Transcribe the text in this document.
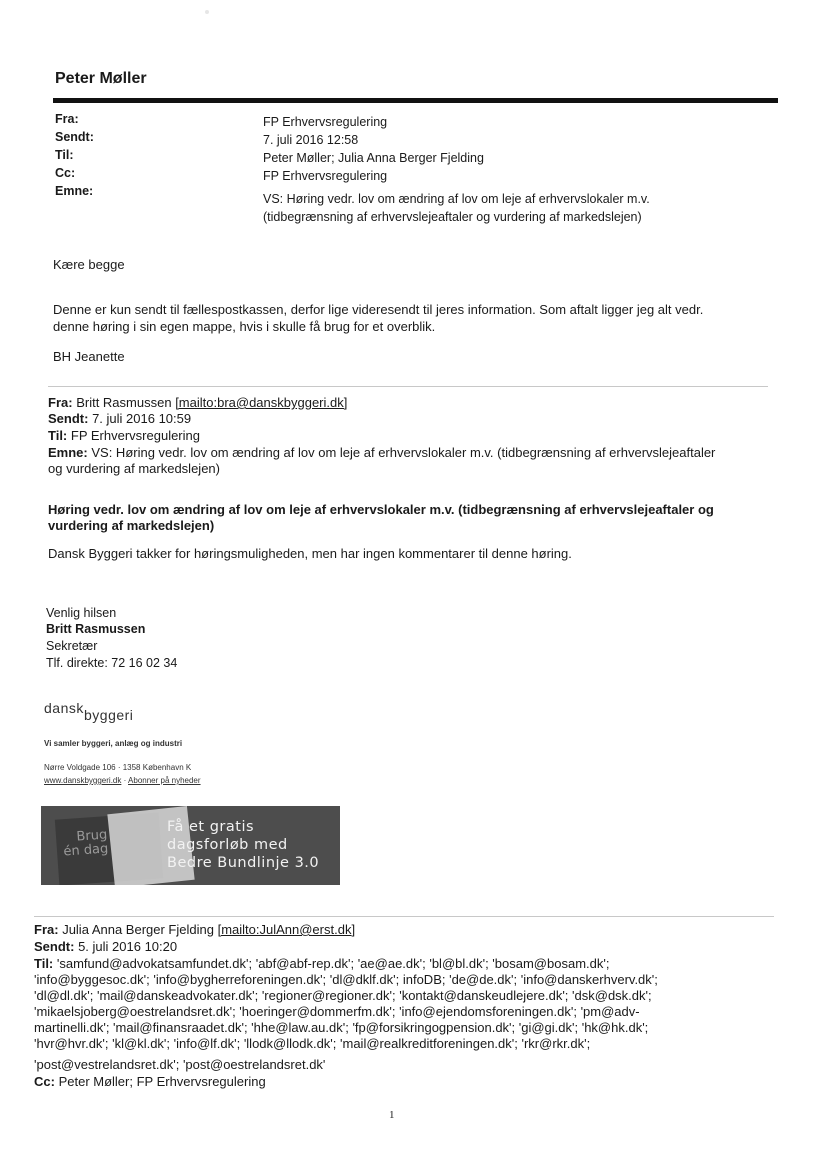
Peter Møller
Fra:
Sendt:
Til:
Cc:
Emne:
FP Erhvervsregulering
7. juli 2016 12:58
Peter Møller; Julia Anna Berger Fjelding
FP Erhvervsregulering
VS: Høring vedr. lov om ændring af lov om leje af erhvervslokaler m.v.
(tidbegrænsning af erhvervslejeaftaler og vurdering af markedslejen)
Kære begge
Denne er kun sendt til fællespostkassen, derfor lige videresendt til jeres information. Som aftalt ligger jeg alt vedr.
denne høring i sin egen mappe, hvis i skulle få brug for et overblik.
BH Jeanette
Fra: Britt Rasmussen [mailto:bra@danskbyggeri.dk]
Sendt: 7. juli 2016 10:59
Til: FP Erhvervsregulering
Emne: VS: Høring vedr. lov om ændring af lov om leje af erhvervslokaler m.v. (tidbegrænsning af erhvervslejeaftaler
og vurdering af markedslejen)
Høring vedr. lov om ændring af lov om leje af erhvervslokaler m.v. (tidbegrænsning af erhvervslejeaftaler og
vurdering af markedslejen)
Dansk Byggeri takker for høringsmuligheden, men har ingen kommentarer til denne høring.
Venlig hilsen
Britt Rasmussen
Sekretær
Tlf. direkte: 72 16 02 34
dansk byggeri
Vi samler byggeri, anlæg og industri
Nørre Voldgade 106 · 1358 København K
www.danskbyggeri.dk · Abonner på nyheder
Brug
én dag
Få et gratis
dagsforløb med
Bedre Bundlinje 3.0
Fra: Julia Anna Berger Fjelding [mailto:JulAnn@erst.dk]
Sendt: 5. juli 2016 10:20
Til: 'samfund@advokatsamfundet.dk'; 'abf@abf-rep.dk'; 'ae@ae.dk'; 'bl@bl.dk'; 'bosam@bosam.dk';
'info@byggesoc.dk'; 'info@bygherreforeningen.dk'; 'dl@dklf.dk'; infoDB; 'de@de.dk'; 'info@danskerhverv.dk';
'dl@dl.dk'; 'mail@danskeadvokater.dk'; 'regioner@regioner.dk'; 'kontakt@danskeudlejere.dk'; 'dsk@dsk.dk';
'mikaelsjoberg@oestrelandsret.dk'; 'hoeringer@dommerfm.dk'; 'info@ejendomsforeningen.dk'; 'pm@adv-
martinelli.dk'; 'mail@finansraadet.dk'; 'hhe@law.au.dk'; 'fp@forsikringogpension.dk'; 'gi@gi.dk'; 'hk@hk.dk';
'hvr@hvr.dk'; 'kl@kl.dk'; 'info@lf.dk'; 'llodk@llodk.dk'; 'mail@realkreditforeningen.dk'; 'rkr@rkr.dk';
'post@vestrelandsret.dk'; 'post@oestrelandsret.dk'
Cc: Peter Møller; FP Erhvervsregulering
1
